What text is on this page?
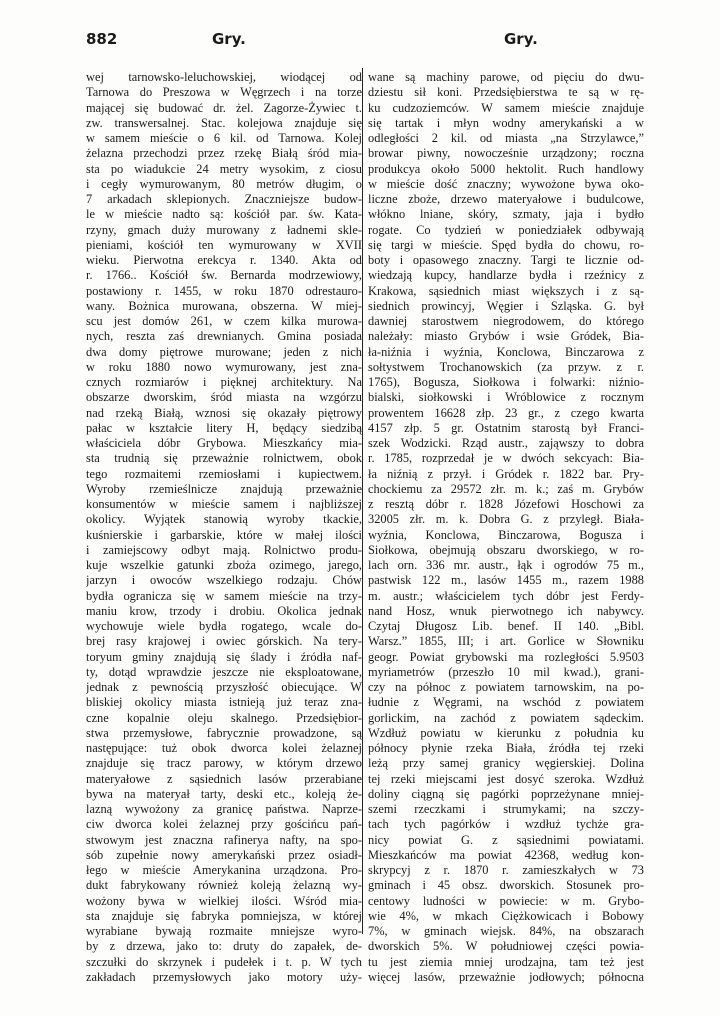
882	Gry.	Gry.
wej tarnowsko-leluchowskiej, wiodącej od
Tarnowa do Preszowa w Węgrzech i na torze
mającej się budować dr. żel. Zagorze-Żywiec t.
zw. transwersalnej. Stac. kolejowa znajduje się
w samem mieście o 6 kil. od Tarnowa. Kolej
żelazna przechodzi przez rzekę Białą śród mia-
sta po wiadukcie 24 metry wysokim, z ciosu
i cegły wymurowanym, 80 metrów długim, o
7 arkadach sklepionych. Znaczniejsze budow-
le w mieście nadto są: kościół par. św. Kata-
rzyny, gmach duży murowany z ładnemi skle-
pieniami, kościół ten wymurowany w XVII
wieku. Pierwotna erekcya r. 1340. Akta od
r. 1766.. Kościół św. Bernarda modrzewiowy,
postawiony r. 1455, w roku 1870 odrestauro-
wany. Bożnica murowana, obszerna. W miej-
scu jest domów 261, w czem kilka murowa-
nych, reszta zaś drewnianych. Gmina posiada
dwa domy piętrowe murowane; jeden z nich
w roku 1880 nowo wymurowany, jest zna-
cznych rozmiarów i pięknej architektury. Na
obszarze dworskim, śród miasta na wzgórzu
nad rzeką Białą, wznosi się okazały piętrowy
pałac w kształcie litery H, będący siedzibą
właściciela dóbr Grybowa. Mieszkańcy mia-
sta trudnią się przeważnie rolnictwem, obok
tego rozmaitemi rzemiosłami i kupiectwem.
Wyroby rzemieślnicze znajdują przeważnie
konsumentów w mieście samem i najbliższej
okolicy. Wyjątek stanowią wyroby tkackie,
kuśnierskie i garbarskie, które w małej ilości
i zamiejscowy odbyt mają. Rolnictwo produ-
kuje wszelkie gatunki zboża ozimego, jarego,
jarzyn i owoców wszelkiego rodzaju. Chów
bydła ogranicza się w samem mieście na trzy-
maniu krow, trzody i drobiu. Okolica jednak
wychowuje wiele bydła rogatego, wcale do-
brej rasy krajowej i owiec górskich. Na tery-
toryum gminy znajdują się ślady i źródła naf-
ty, dotąd wprawdzie jeszcze nie eksploatowane,
jednak z pewnością przyszłość obiecujące. W
bliskiej okolicy miasta istnieją już teraz zna-
czne kopalnie oleju skalnego. Przedsiębior-
stwa przemysłowe, fabrycznie prowadzone, są
następujące: tuż obok dworca kolei żelaznej
znajduje się tracz parowy, w którym drzewo
materyałowe z sąsiednich lasów przerabiane
bywa na materyał tarty, deski etc., koleją że-
lazną wywożony za granicę państwa. Naprze-
ciw dworca kolei żelaznej przy gościńcu pań-
stwowym jest znaczna rafinerya nafty, na spo-
sób zupełnie nowy amerykański przez osiadł-
łego w mieście Amerykanina urządzona. Pro-
dukt fabrykowany również koleją żelazną wy-
wożony bywa w wielkiej ilości. Wśród mia-
sta znajduje się fabryka pomniejsza, w której
wyrabiane bywają rozmaite mniejsze wyro-
by z drzewa, jako to: druty do zapałek, de-
szczułki do skrzynek i pudełek i t. p. W tych
zakładach przemysłowych jako motory uży-
wane są machiny parowe, od pięciu do dwu-
dziestu sił koni. Przedsiębierstwa te są w rę-
ku cudzoziemców. W samem mieście znajduje
się tartak i młyn wodny amerykański a w
odległości 2 kil. od miasta „na Strzylawce,”
browar piwny, nowocześnie urządzony; roczna
produkcya około 5000 hektolit. Ruch handlowy
w mieście dość znaczny; wywożone bywa oko-
liczne zboże, drzewo materyałowe i budulcowe,
włókno lniane, skóry, szmaty, jaja i bydło
rogate. Co tydzień w poniedziałek odbywają
się targi w mieście. Spęd bydła do chowu, ro-
boty i opasowego znaczny. Targi te licznie od-
wiedzają kupcy, handlarze bydła i rzeźnicy z
Krakowa, sąsiednich miast większych i z są-
siednich prowincyj, Węgier i Szląska. G. był
dawniej starostwem niegrodowem, do którego
należały: miasto Grybów i wsie Gródek, Bia-
ła-niźnia i wyźnia, Konclowa, Binczarowa z
sołtystwem Trochanowskich (za przyw. z r.
1765), Bogusza, Siołkowa i folwarki: niźnio-
bialski, siołkowski i Wróblowice z rocznym
prowentem 16628 złp. 23 gr., z czego kwarta
4157 złp. 5 gr. Ostatnim starostą był Franci-
szek Wodzicki. Rząd austr., zająwszy to dobra
r. 1785, rozprzedał je w dwóch sekcyach: Bia-
ła niźnią z przył. i Gródek r. 1822 bar. Pry-
chockiemu za 29572 złr. m. k.; zaś m. Grybów
z resztą dóbr r. 1828 Józefowi Hoschowi za
32005 złr. m. k. Dobra G. z przyległ. Biała-
wyźnia, Konclowa, Binczarowa, Bogusza i
Siołkowa, obejmują obszaru dworskiego, w ro-
lach orn. 336 mr. austr., łąk i ogrodów 75 m.,
pastwisk 122 m., lasów 1455 m., razem 1988
m. austr.; właścicielem tych dóbr jest Ferdy-
nand Hosz, wnuk pierwotnego ich nabywcy.
Czytaj Długosz Lib. benef. II 140. „Bibl.
Warsz.” 1855, III; i art. Gorlice w Słowniku
geogr. Powiat grybowski ma rozległości 5.9503
myriametrów (przeszło 10 mil kwad.), grani-
czy na północ z powiatem tarnowskim, na po-
łudnie z Węgrami, na wschód z powiatem
gorlickim, na zachód z powiatem sądeckim.
Wzdłuż powiatu w kierunku z południa ku
północy płynie rzeka Biała, źródła tej rzeki
leżą przy samej granicy węgierskiej. Dolina
tej rzeki miejscami jest dosyć szeroka. Wzdłuż
doliny ciągną się pagórki poprzeżynane mniej-
szemi rzeczkami i strumykami; na szczy-
tach tych pagórków i wzdłuż tychże gra-
nicy powiat G. z sąsiednimi powiatami.
Mieszkańców ma powiat 42368, według kon-
skrypcyj z r. 1870 r. zamieszkałych w 73
gminach i 45 obsz. dworskich. Stosunek pro-
centowy ludności w powiecie: w m. Grybo-
wie 4%, w mkach Ciężkowicach i Bobowy
7%, w gminach wiejsk. 84%, na obszarach
dworskich 5%. W południowej części powia-
tu jest ziemia mniej urodzajna, tam też jest
więcej lasów, przeważnie jodłowych; północna
